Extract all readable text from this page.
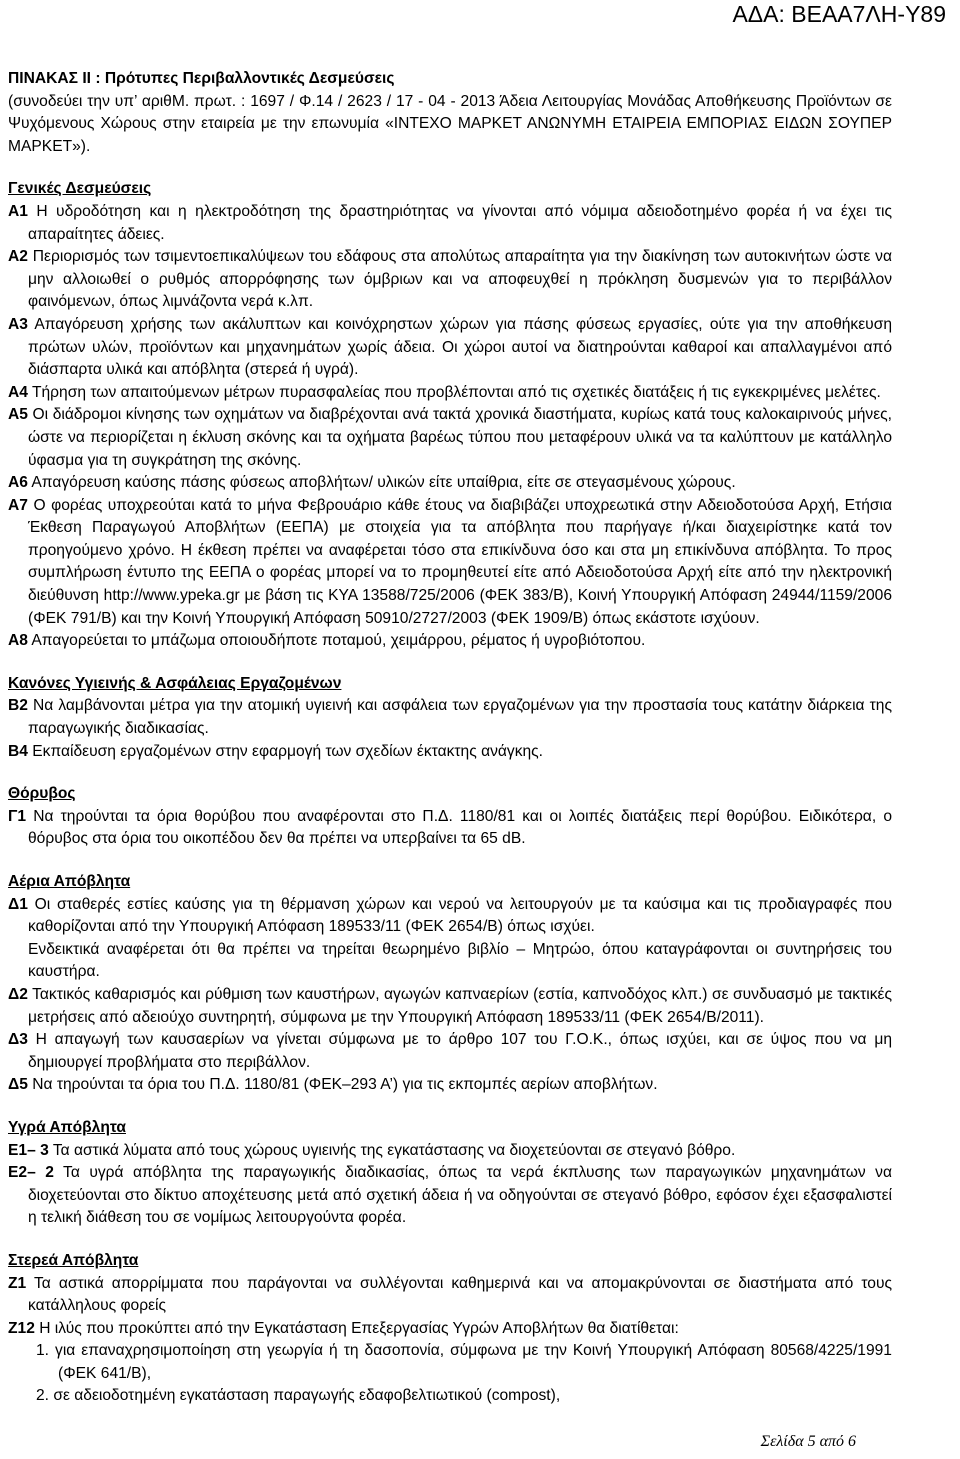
ΑΔΑ: ΒΕΑΑ7ΛΗ-Υ89

ΠΙΝΑΚΑΣ ΙΙ : Πρότυπες Περιβαλλοντικές Δεσμεύσεις

(συνοδεύει την υπ’ αριθΜ. πρωτ. : 1697 / Φ.14 / 2623 / 17 - 04 - 2013 Άδεια Λειτουργίας Μονάδας Αποθήκευσης Προϊόντων σε Ψυχόμενους Χώρους στην εταιρεία με την επωνυμία «ΙΝΤΕΧΟ ΜΑΡΚΕΤ ΑΝΩΝΥΜΗ ΕΤΑΙΡΕΙΑ ΕΜΠΟΡΙΑΣ ΕΙΔΩΝ ΣΟΥΠΕΡ ΜΑΡΚΕΤ»).

Γενικές Δεσμεύσεις

Α1 Η υδροδότηση και η ηλεκτροδότηση της δραστηριότητας να γίνονται από νόμιμα αδειοδοτημένο φορέα ή να έχει τις απαραίτητες άδειες.

Α2 Περιορισμός των τσιμεντοεπικαλύψεων του εδάφους στα απολύτως απαραίτητα για την διακίνηση των αυτοκινήτων ώστε να μην αλλοιωθεί ο ρυθμός απορρόφησης των όμβριων και να αποφευχθεί η πρόκληση δυσμενών για το περιβάλλον φαινόμενων, όπως λιμνάζοντα νερά κ.λπ.

Α3 Απαγόρευση χρήσης των ακάλυπτων και κοινόχρηστων χώρων για πάσης φύσεως εργασίες, ούτε για την αποθήκευση πρώτων υλών, προϊόντων και μηχανημάτων χωρίς άδεια. Οι χώροι αυτοί να διατηρούνται καθαροί και απαλλαγμένοι από διάσπαρτα υλικά και απόβλητα (στερεά ή υγρά).

Α4 Τήρηση των απαιτούμενων μέτρων πυρασφαλείας που προβλέπονται από τις σχετικές διατάξεις ή τις εγκεκριμένες μελέτες.

Α5 Οι διάδρομοι κίνησης των οχημάτων να διαβρέχονται ανά τακτά χρονικά διαστήματα, κυρίως κατά τους καλοκαιρινούς μήνες, ώστε να περιορίζεται η έκλυση σκόνης και τα οχήματα βαρέως τύπου που μεταφέρουν υλικά να τα καλύπτουν με κατάλληλο ύφασμα για τη συγκράτηση της σκόνης.

Α6 Απαγόρευση καύσης πάσης φύσεως αποβλήτων/ υλικών είτε υπαίθρια, είτε σε στεγασμένους χώρους.

Α7 Ο φορέας υποχρεούται κατά το μήνα Φεβρουάριο κάθε έτους να διαβιβάζει υποχρεωτικά στην Αδειοδοτούσα Αρχή, Ετήσια Έκθεση Παραγωγού Αποβλήτων (ΕΕΠΑ) με στοιχεία για τα απόβλητα που παρήγαγε ή/και διαχειρίστηκε κατά τον προηγούμενο χρόνο. Η έκθεση πρέπει να αναφέρεται τόσο στα επικίνδυνα όσο και στα μη επικίνδυνα απόβλητα. Το προς συμπλήρωση έντυπο της ΕΕΠΑ ο φορέας μπορεί να το προμηθευτεί είτε από Αδειοδοτούσα Αρχή είτε από την ηλεκτρονική διεύθυνση http://www.ypeka.gr με βάση τις ΚΥΑ 13588/725/2006 (ΦΕΚ 383/Β), Κοινή Υπουργική Απόφαση 24944/1159/2006 (ΦΕΚ 791/Β) και την Κοινή Υπουργική Απόφαση 50910/2727/2003 (ΦΕΚ 1909/Β) όπως εκάστοτε ισχύουν.

Α8 Απαγορεύεται το μπάζωμα οποιουδήποτε ποταμού, χειμάρρου, ρέματος ή υγροβιότοπου.

Κανόνες Υγιεινής & Ασφάλειας Εργαζομένων

Β2 Να λαμβάνονται μέτρα για την ατομική υγιεινή και ασφάλεια των εργαζομένων για την προστασία τους κατάτην διάρκεια της παραγωγικής διαδικασίας.

Β4 Εκπαίδευση εργαζομένων στην εφαρμογή των σχεδίων έκτακτης ανάγκης.

Θόρυβος

Γ1 Να τηρούνται τα όρια θορύβου που αναφέρονται στο Π.Δ. 1180/81 και οι λοιπές διατάξεις περί θορύβου. Ειδικότερα, ο θόρυβος στα όρια του οικοπέδου δεν θα πρέπει να υπερβαίνει τα 65 dB.

Αέρια Απόβλητα

Δ1 Οι σταθερές εστίες καύσης για τη θέρμανση χώρων και νερού να λειτουργούν με τα καύσιμα και τις προδιαγραφές που καθορίζονται από την Υπουργική Απόφαση 189533/11 (ΦΕΚ 2654/Β) όπως ισχύει.

Ενδεικτικά αναφέρεται ότι θα πρέπει να τηρείται θεωρημένο βιβλίο – Μητρώο, όπου καταγράφονται οι συντηρήσεις του καυστήρα.

Δ2 Τακτικός καθαρισμός και ρύθμιση των καυστήρων, αγωγών καπναερίων (εστία, καπνοδόχος κλπ.) σε συνδυασμό με τακτικές μετρήσεις από αδειούχο συντηρητή, σύμφωνα με την Υπουργική Απόφαση 189533/11 (ΦΕΚ 2654/Β/2011).

Δ3 Η απαγωγή των καυσαερίων να γίνεται σύμφωνα με το άρθρο 107 του Γ.Ο.Κ., όπως ισχύει, και σε ύψος που να μη δημιουργεί προβλήματα στο περιβάλλον.

Δ5 Να τηρούνται τα όρια του Π.Δ. 1180/81 (ΦΕΚ–293 Α’) για τις εκπομπές αερίων αποβλήτων.

Υγρά Απόβλητα

Ε1– 3 Τα αστικά λύματα από τους χώρους υγιεινής της εγκατάστασης να διοχετεύονται σε στεγανό βόθρο.

Ε2– 2 Τα υγρά απόβλητα της παραγωγικής διαδικασίας, όπως τα νερά έκπλυσης των παραγωγικών μηχανημάτων να διοχετεύονται στο δίκτυο αποχέτευσης μετά από σχετική άδεια ή να οδηγούνται σε στεγανό βόθρο, εφόσον έχει εξασφαλιστεί η τελική διάθεση του σε νομίμως λειτουργούντα φορέα.

Στερεά Απόβλητα

Ζ1 Τα αστικά απορρίμματα που παράγονται να συλλέγονται καθημερινά και να απομακρύνονται σε διαστήματα από τους κατάλληλους φορείς

Ζ12 Η ιλύς που προκύπτει από την Εγκατάσταση Επεξεργασίας Υγρών Αποβλήτων θα διατίθεται:

1. για επαναχρησιμοποίηση στη γεωργία ή τη δασοπονία, σύμφωνα με την Κοινή Υπουργική Απόφαση 80568/4225/1991 (ΦΕΚ 641/Β),

2. σε αδειοδοτημένη εγκατάσταση παραγωγής εδαφοβελτιωτικού (compost),

Σελίδα 5 από 6
